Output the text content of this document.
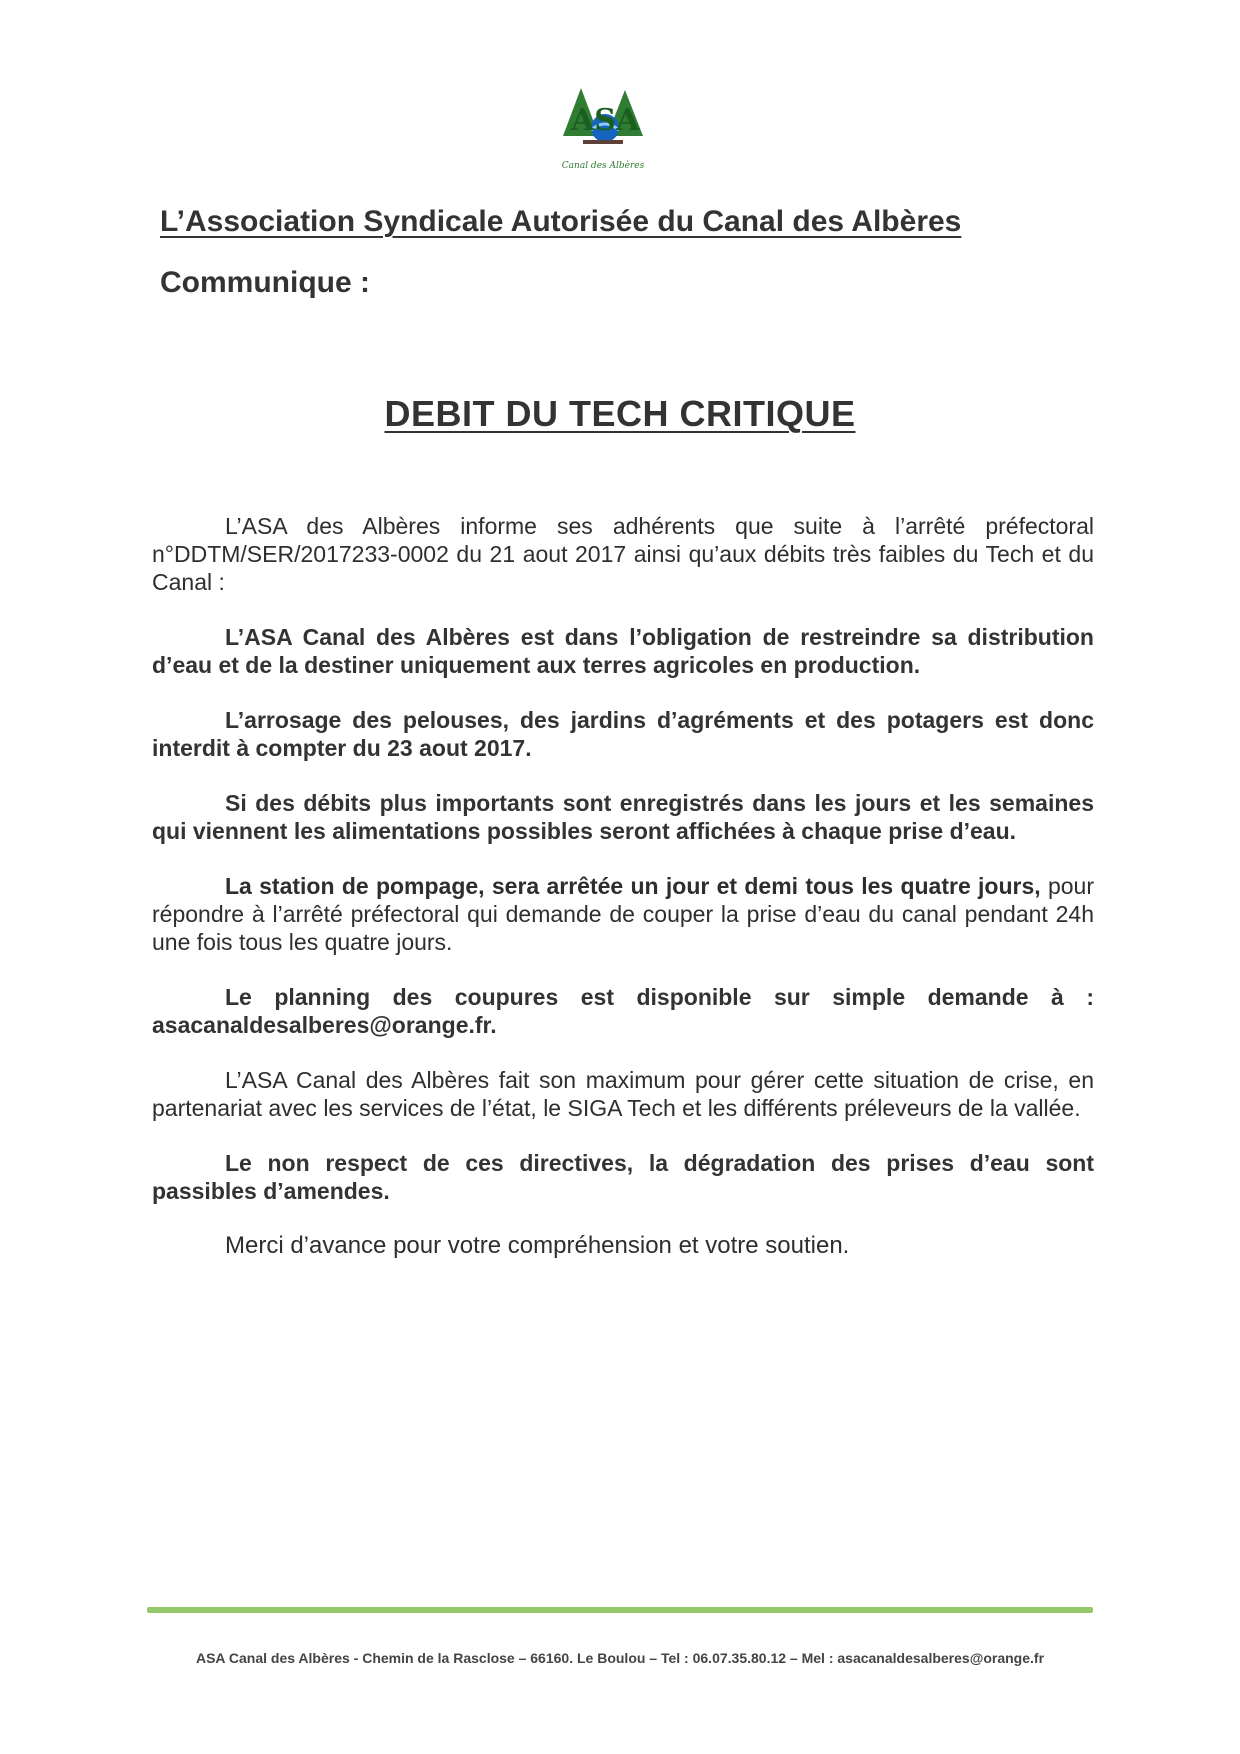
ASA
Canal des Albères
L’Association Syndicale Autorisée du Canal des Albères
Communique :
DEBIT DU TECH CRITIQUE

L’ASA des Albères informe ses adhérents que suite à l’arrêté préfectoral n°DDTM/SER/2017233-0002 du 21 aout 2017 ainsi qu’aux débits très faibles du Tech et du Canal :

L’ASA Canal des Albères est dans l’obligation de restreindre sa distribution d’eau et de la destiner uniquement aux terres agricoles en production.

L’arrosage des pelouses, des jardins d’agréments et des potagers est donc interdit à compter du 23 aout 2017.

Si des débits plus importants sont enregistrés dans les jours et les semaines qui viennent les alimentations possibles seront affichées à chaque prise d’eau.

La station de pompage, sera arrêtée un jour et demi tous les quatre jours, pour répondre à l’arrêté préfectoral qui demande de couper la prise d’eau du canal pendant 24h une fois tous les quatre jours.

Le planning des coupures est disponible sur simple demande à : asacanaldesalberes@orange.fr.

L’ASA Canal des Albères fait son maximum pour gérer cette situation de crise, en partenariat avec les services de l’état, le SIGA Tech et les différents préleveurs de la vallée.

Le non respect de ces directives, la dégradation des prises d’eau sont passibles d’amendes.

Merci d’avance pour votre compréhension et votre soutien.

ASA Canal des Albères - Chemin de la Rasclose – 66160. Le Boulou – Tel : 06.07.35.80.12 – Mel : asacanaldesalberes@orange.fr
